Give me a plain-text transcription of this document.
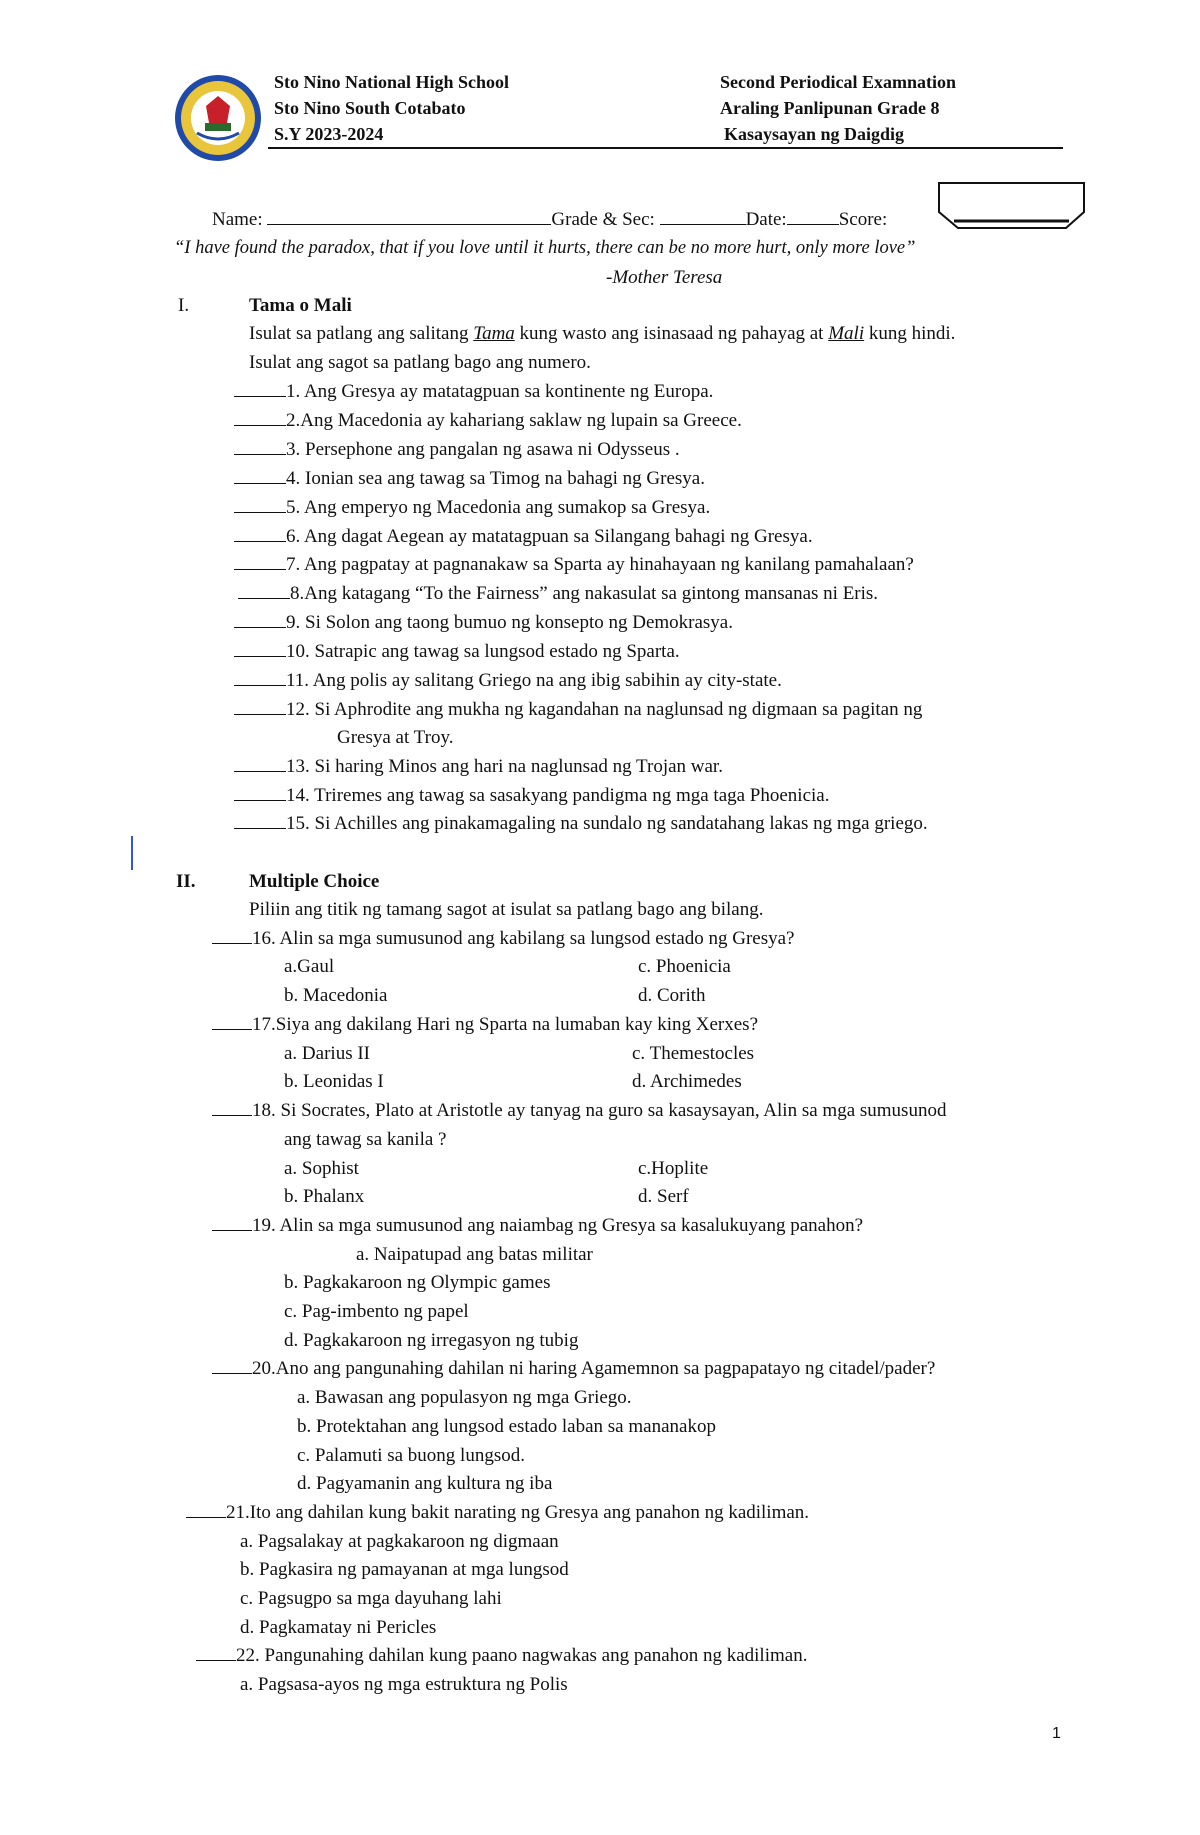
Sto Nino National High School
Sto Nino South Cotabato
S.Y 2023-2024
Second Periodical Examnation
Araling Panlipunan Grade 8
Kasaysayan ng Daigdig
Name:	Grade & Sec:	Date:	Score:
“I have found the paradox, that if you love until it hurts, there can be no more hurt, only more love”
-Mother Teresa
I.	Tama o Mali
Isulat sa patlang ang salitang Tama kung wasto ang isinasaad ng pahayag at Mali kung hindi.
Isulat ang sagot sa patlang bago ang numero.
1. Ang Gresya ay matatagpuan sa kontinente ng Europa.
2.Ang Macedonia ay kahariang saklaw ng lupain sa Greece.
3. Persephone ang pangalan ng asawa ni Odysseus .
4. Ionian sea ang tawag sa Timog na bahagi ng Gresya.
5. Ang emperyo ng Macedonia ang sumakop sa Gresya.
6. Ang dagat Aegean ay matatagpuan sa Silangang bahagi ng Gresya.
7. Ang pagpatay at pagnanakaw sa Sparta ay hinahayaan ng kanilang pamahalaan?
8.Ang katagang “To the Fairness” ang nakasulat sa gintong mansanas ni Eris.
9. Si Solon ang taong bumuo ng konsepto ng Demokrasya.
10. Satrapic ang tawag sa lungsod estado ng Sparta.
11. Ang polis ay salitang Griego na ang ibig sabihin ay city-state.
12. Si Aphrodite ang mukha ng kagandahan na naglunsad ng digmaan sa pagitan ng
Gresya at Troy.
13. Si haring Minos ang hari na naglunsad ng Trojan war.
14. Triremes ang tawag sa sasakyang pandigma ng mga taga Phoenicia.
15. Si Achilles ang pinakamagaling na sundalo ng sandatahang lakas ng mga griego.
II.	Multiple Choice
Piliin ang titik ng tamang sagot at isulat sa patlang bago ang bilang.
16. Alin sa mga sumusunod ang kabilang sa lungsod estado ng Gresya?
a.Gaul	c. Phoenicia
b. Macedonia	d. Corith
17.Siya ang dakilang Hari ng Sparta na lumaban kay king Xerxes?
a. Darius II	c. Themestocles
b. Leonidas I	d. Archimedes
18. Si Socrates, Plato at Aristotle ay tanyag na guro sa kasaysayan, Alin sa mga sumusunod
ang tawag sa kanila ?
a. Sophist	c.Hoplite
b. Phalanx	d. Serf
19. Alin sa mga sumusunod ang naiambag ng Gresya sa kasalukuyang panahon?
a. Naipatupad ang batas militar
b. Pagkakaroon ng Olympic games
c. Pag-imbento ng papel
d. Pagkakaroon ng irregasyon ng tubig
20.Ano ang pangunahing dahilan ni haring Agamemnon sa pagpapatayo ng citadel/pader?
a. Bawasan ang populasyon ng mga Griego.
b. Protektahan ang lungsod estado laban sa mananakop
c. Palamuti sa buong lungsod.
d. Pagyamanin ang kultura ng iba
21.Ito ang dahilan kung bakit narating ng Gresya ang panahon ng kadiliman.
a. Pagsalakay at pagkakaroon ng digmaan
b. Pagkasira ng pamayanan at mga lungsod
c. Pagsugpo sa mga dayuhang lahi
d. Pagkamatay ni Pericles
22. Pangunahing dahilan kung paano nagwakas ang panahon ng kadiliman.
a. Pagsasa-ayos ng mga estruktura ng Polis
1
